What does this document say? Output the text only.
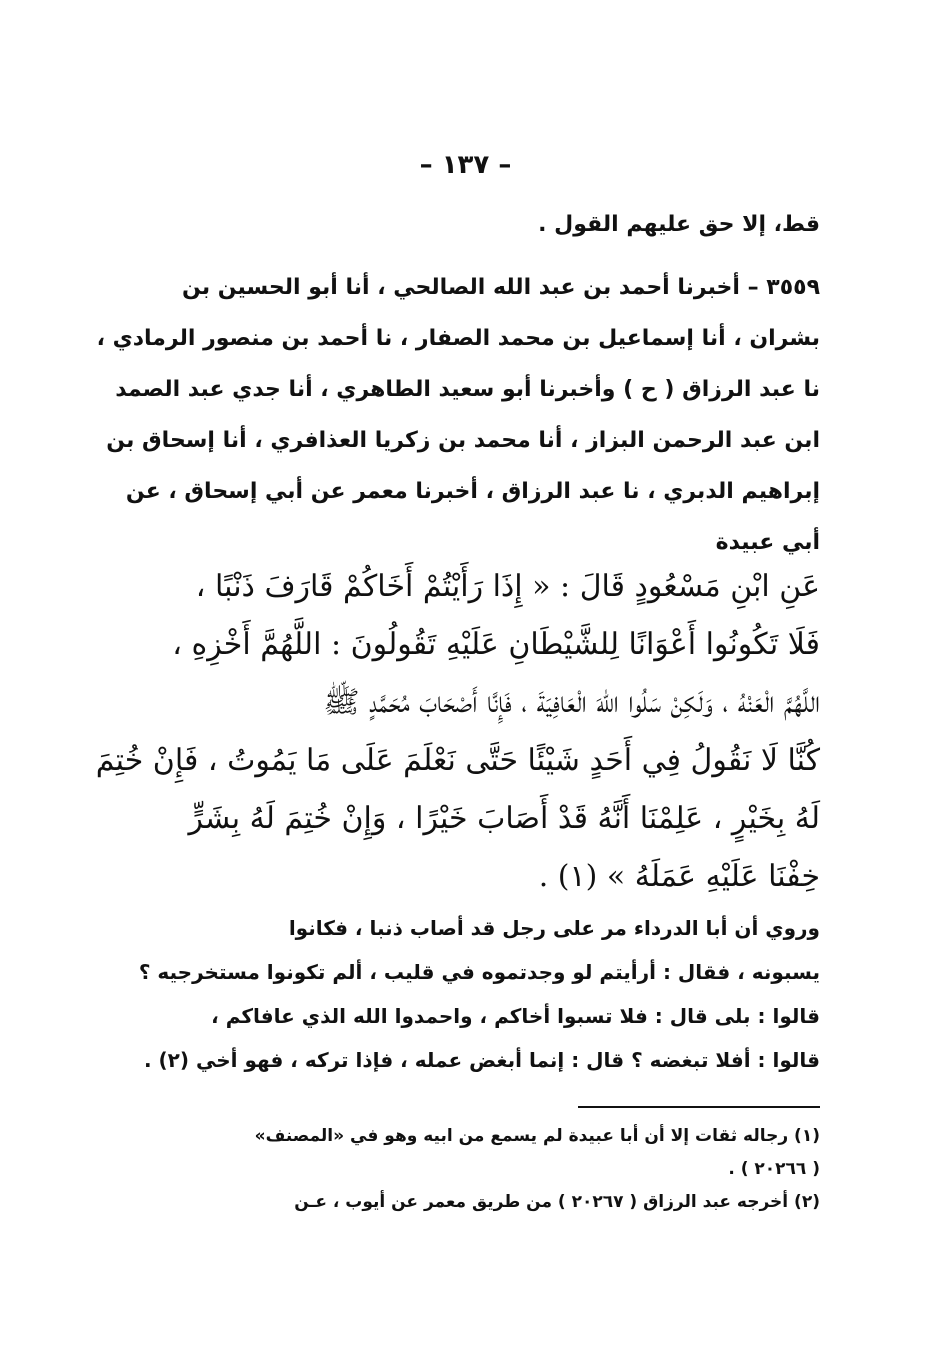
– ١٣٧ –
قط، إلا حق عليهم القول .
٣٥٥٩ – أخبرنا أحمد بن عبد الله الصالحي ، أنا أبو الحسين بن
بشران ، أنا إسماعيل بن محمد الصفار ، نا أحمد بن منصور الرمادي ،
نا عبد الرزاق ( ح ) وأخبرنا أبو سعيد الطاهري ، أنا جدي عبد الصمد
ابن عبد الرحمن البزاز ، أنا محمد بن زكريا العذافري ، أنا إسحاق بن
إبراهيم الدبري ، نا عبد الرزاق ، أخبرنا معمر عن أبي إسحاق ، عن
أبي عبيدة
عَنِ ابْنِ مَسْعُودٍ قَالَ : « إِذَا رَأَيْتُمْ أَخَاكُمْ قَارَفَ ذَنْبًا ،
فَلَا تَكُونُوا أَعْوَانًا لِلشَّيْطَانِ عَلَيْهِ تَقُولُونَ : اللَّهُمَّ أَخْزِهِ ،
اللَّهُمَّ الْعَنْهُ ، وَلَكِنْ سَلُوا اللهَ الْعَافِيَةَ ، فَإِنَّا أَصْحَابَ مُحَمَّدٍ ﷺ
كُنَّا لَا نَقُولُ فِي أَحَدٍ شَيْئًا حَتَّى نَعْلَمَ عَلَى مَا يَمُوتُ ، فَإِنْ خُتِمَ
لَهُ بِخَيْرٍ ، عَلِمْنَا أَنَّهُ قَدْ أَصَابَ خَيْرًا ، وَإِنْ خُتِمَ لَهُ بِشَرٍّ
خِفْنَا عَلَيْهِ عَمَلَهُ » (١) .
وروي أن أبا الدرداء مر على رجل قد أصاب ذنبا ، فكانوا
يسبونه ، فقال : أرأيتم لو وجدتموه في قليب ، ألم تكونوا مستخرجيه ؟
قالوا : بلى قال : فلا تسبوا أخاكم ، واحمدوا الله الذي عافاكم ،
قالوا : أفلا تبغضه ؟ قال : إنما أبغض عمله ، فإذا تركه ، فهو أخي (٢) .
(١) رجاله ثقات إلا أن أبا عبيدة لم يسمع من ابيه وهو في «المصنف»
( ٢٠٢٦٦ ) .
(٢) أخرجه عبد الرزاق ( ٢٠٢٦٧ ) من طريق معمر عن أيوب ، عـن
